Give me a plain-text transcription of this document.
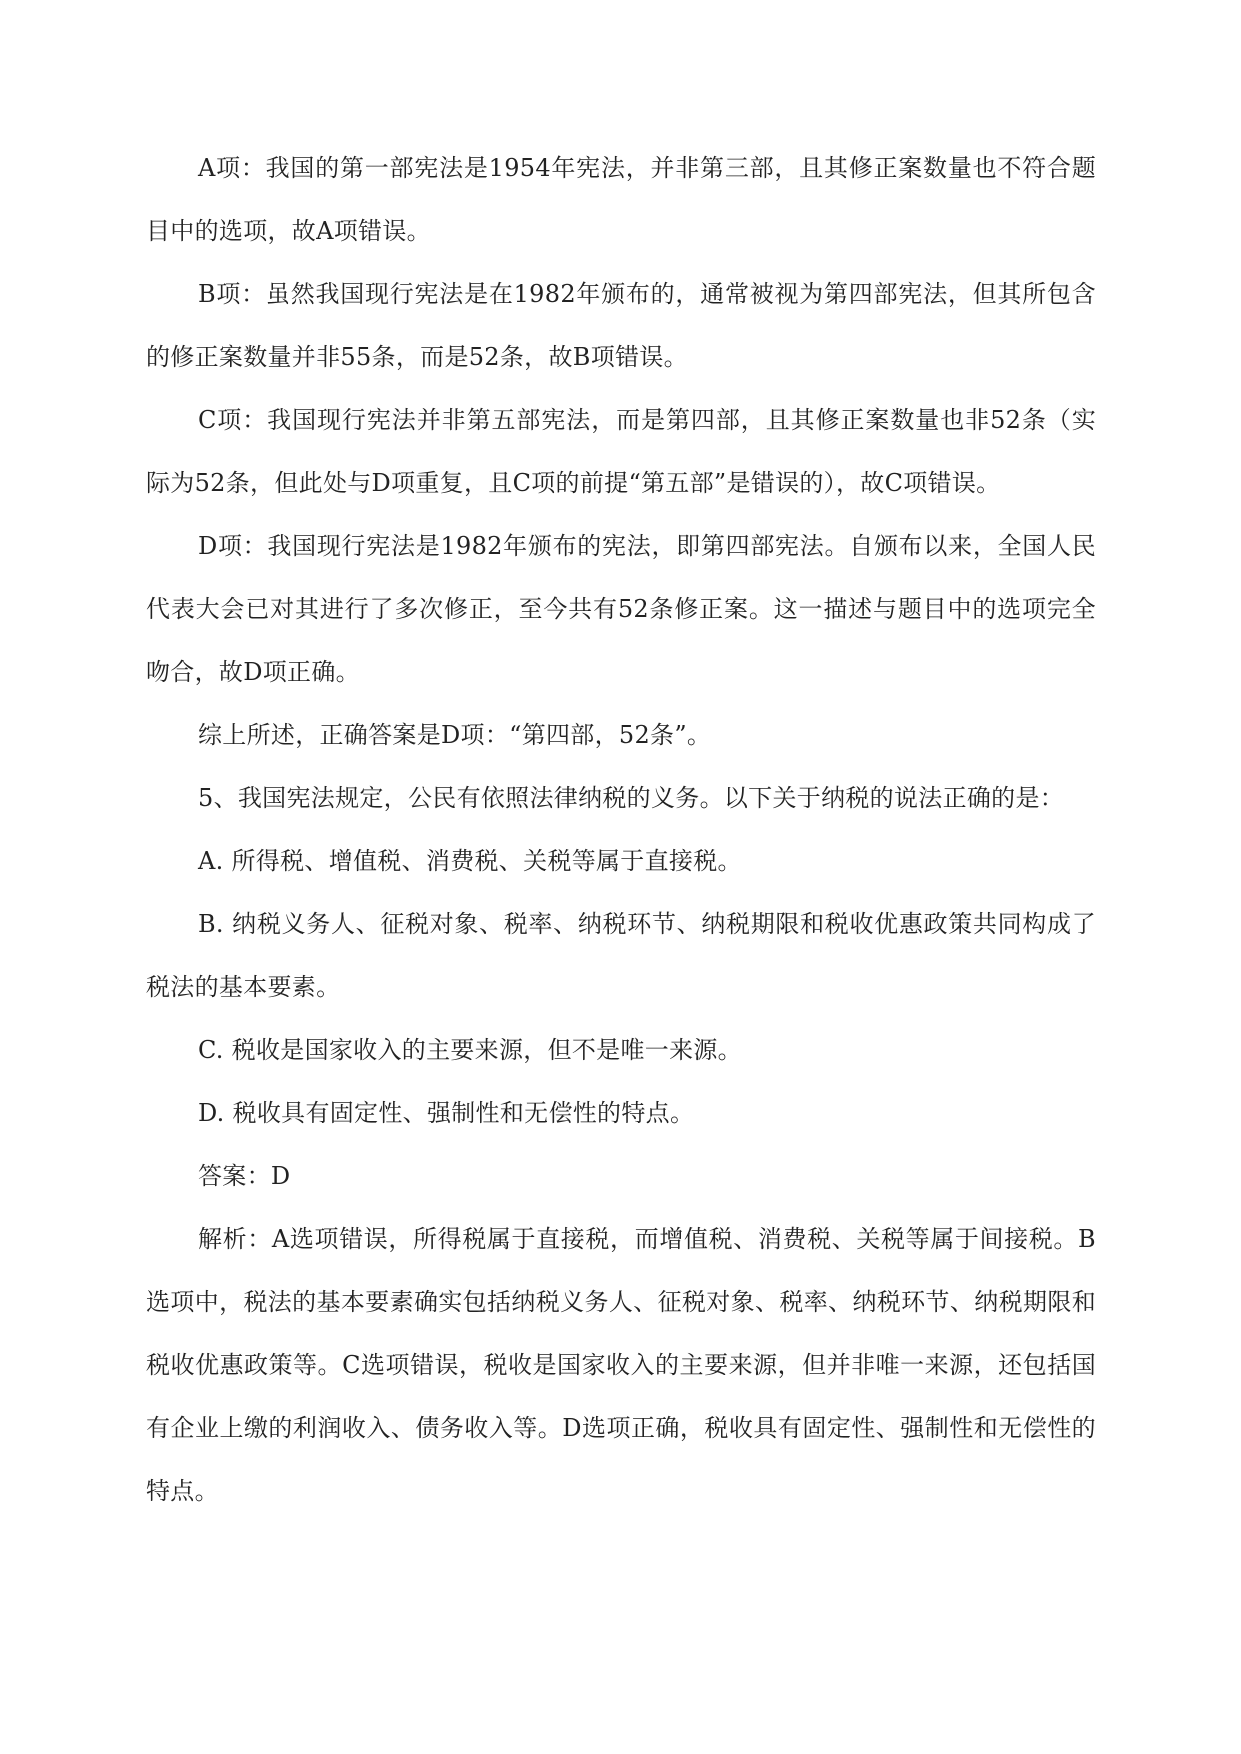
A项：我国的第一部宪法是1954年宪法，并非第三部，且其修正案数量也不符合题目中的选项，故A项错误。

B项：虽然我国现行宪法是在1982年颁布的，通常被视为第四部宪法，但其所包含的修正案数量并非55条，而是52条，故B项错误。

C项：我国现行宪法并非第五部宪法，而是第四部，且其修正案数量也非52条（实际为52条，但此处与D项重复，且C项的前提“第五部”是错误的），故C项错误。

D项：我国现行宪法是1982年颁布的宪法，即第四部宪法。自颁布以来，全国人民代表大会已对其进行了多次修正，至今共有52条修正案。这一描述与题目中的选项完全吻合，故D项正确。

综上所述，正确答案是D项：“第四部，52条”。

5、我国宪法规定，公民有依照法律纳税的义务。以下关于纳税的说法正确的是：

A. 所得税、增值税、消费税、关税等属于直接税。

B. 纳税义务人、征税对象、税率、纳税环节、纳税期限和税收优惠政策共同构成了税法的基本要素。

C. 税收是国家收入的主要来源，但不是唯一来源。

D. 税收具有固定性、强制性和无偿性的特点。

答案：D

解析：A选项错误，所得税属于直接税，而增值税、消费税、关税等属于间接税。B选项中，税法的基本要素确实包括纳税义务人、征税对象、税率、纳税环节、纳税期限和税收优惠政策等。C选项错误，税收是国家收入的主要来源，但并非唯一来源，还包括国有企业上缴的利润收入、债务收入等。D选项正确，税收具有固定性、强制性和无偿性的特点。
